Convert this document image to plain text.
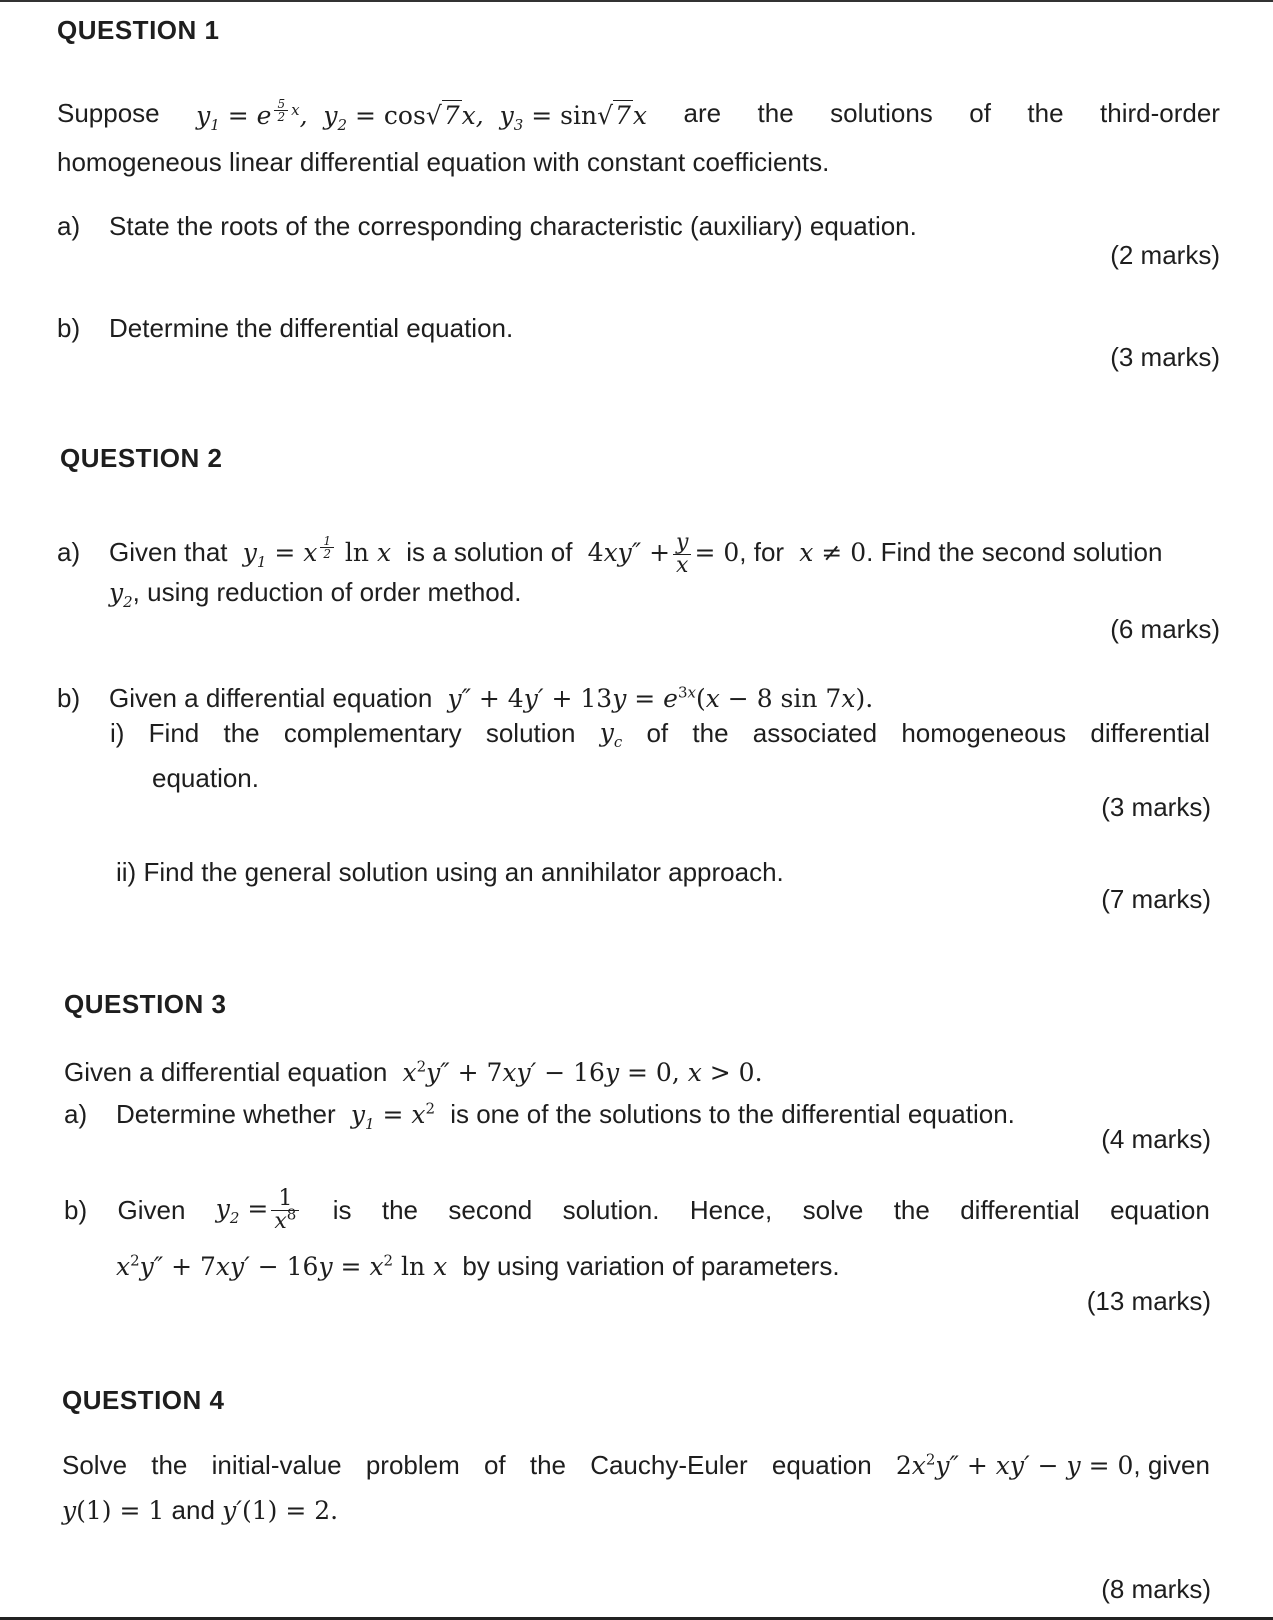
QUESTION 1
Suppose $y_1 = e$ $^{\frac{5}{2} x}$,  $y_2 = \cos√7x$,  $y_3 = \sin√7x$ are the solutions of the third-order
homogeneous linear differential equation with constant coefficients.
a) State the roots of the corresponding characteristic (auxiliary) equation.
(2 marks)
b) Determine the differential equation.
(3 marks)
QUESTION 2
a) Given that  $y_1 = x$ $^{\frac{1}{2}}$ ln x  is a solution of $4xy'' + \frac{y}{x} = 0$, for  x ≠ 0. Find the second solution
$y_2$, using reduction of order method.
(6 marks)
b) Given a differential equation  $y'' + 4y' + 13y = e^{3x}(x - 8$ sin 7x).
i) Find the complementary solution $y_c$ of the associated homogeneous differential
equation.
(3 marks)
ii) Find the general solution using an annihilator approach.
(7 marks)
QUESTION 3
Given a differential equation  $x^2y'' + 7xy' - 16y = 0$, x > 0.
a) Determine whether  $y_1 = x^2$ is one of the solutions to the differential equation.
(4 marks)
b) Given $y_2 = \frac{1}{x^8}$ is the second solution. Hence, solve the differential equation
$x^2y'' + 7xy' - 16y = x^2$ ln x  by using variation of parameters.
(13 marks)
QUESTION 4
Solve the initial-value problem of the Cauchy-Euler equation $2x^2y'' + xy' - y = 0$, given
y(1) = 1 and y′(1) = 2.
(8 marks)
